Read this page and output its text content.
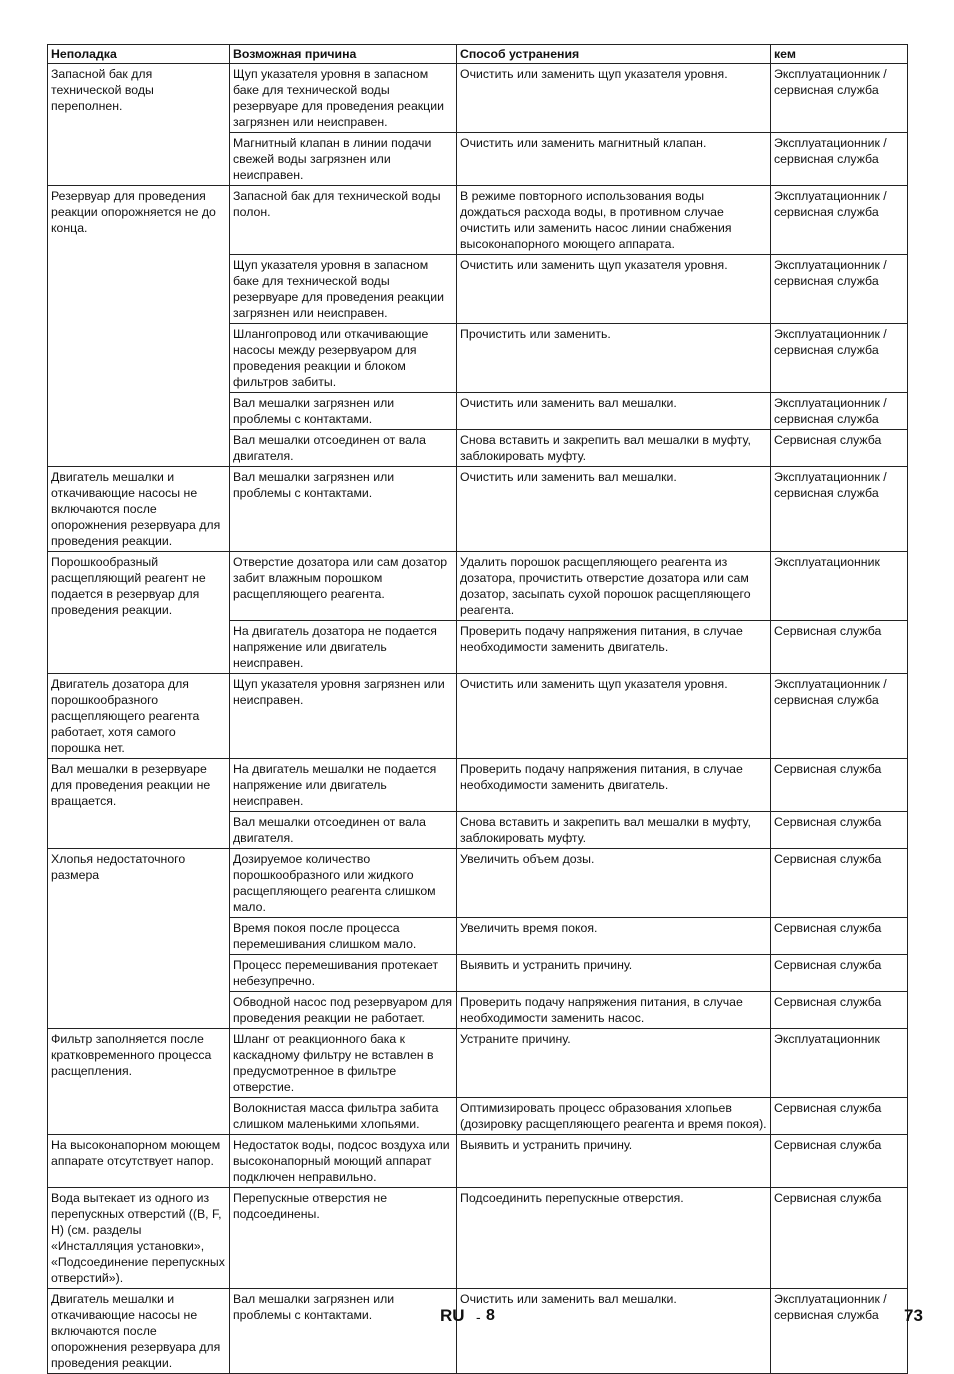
Неполадка	Возможная причина	Способ устранения	кем
Запасной бак для технической воды переполнен.	Щуп указателя уровня в запасном баке для технической воды резервуаре для проведения реакции загрязнен или неисправен.	Очистить или заменить щуп указателя уровня.	Эксплуатационник / сервисная служба
	Магнитный клапан в линии подачи свежей воды загрязнен или неисправен.	Очистить или заменить магнитный клапан.	Эксплуатационник / сервисная служба
Резервуар для проведения реакции опорожняется не до конца.	Запасной бак для технической воды полон.	В режиме повторного использования воды дождаться расхода воды, в противном случае очистить или заменить насос линии снабжения высоконапорного моющего аппарата.	Эксплуатационник / сервисная служба
	Щуп указателя уровня в запасном баке для технической воды резервуаре для проведения реакции загрязнен или неисправен.	Очистить или заменить щуп указателя уровня.	Эксплуатационник / сервисная служба
	Шлангопровод или откачивающие насосы между резервуаром для проведения реакции и блоком фильтров забиты.	Прочистить или заменить.	Эксплуатационник / сервисная служба
	Вал мешалки загрязнен или проблемы с контактами.	Очистить или заменить вал мешалки.	Эксплуатационник / сервисная служба
	Вал мешалки отсоединен от вала двигателя.	Снова вставить и закрепить вал мешалки в муфту, заблокировать муфту.	Сервисная служба
Двигатель мешалки и откачивающие насосы не включаются после опорожнения резервуара для проведения реакции.	Вал мешалки загрязнен или проблемы с контактами.	Очистить или заменить вал мешалки.	Эксплуатационник / сервисная служба
Порошкообразный расщепляющий реагент не подается в резервуар для проведения реакции.	Отверстие дозатора или сам дозатор забит влажным порошком расщепляющего реагента.	Удалить порошок расщепляющего реагента из дозатора, прочистить отверстие дозатора или сам дозатор, засыпать сухой порошок расщепляющего реагента.	Эксплуатационник
	На двигатель дозатора не подается напряжение или двигатель неисправен.	Проверить подачу напряжения питания, в случае необходимости заменить двигатель.	Сервисная служба
Двигатель дозатора для порошкообразного расщепляющего реагента работает, хотя самого порошка нет.	Щуп указателя уровня загрязнен или неисправен.	Очистить или заменить щуп указателя уровня.	Эксплуатационник / сервисная служба
Вал мешалки в резервуаре для проведения реакции не вращается.	На двигатель мешалки не подается напряжение или двигатель неисправен.	Проверить подачу напряжения питания, в случае необходимости заменить двигатель.	Сервисная служба
	Вал мешалки отсоединен от вала двигателя.	Снова вставить и закрепить вал мешалки в муфту, заблокировать муфту.	Сервисная служба
Хлопья недостаточного размера	Дозируемое количество порошкообразного или жидкого расщепляющего реагента слишком мало.	Увеличить объем дозы.	Сервисная служба
	Время покоя после процесса перемешивания слишком мало.	Увеличить время покоя.	Сервисная служба
	Процесс перемешивания протекает небезупречно.	Выявить и устранить причину.	Сервисная служба
	Обводной насос под резервуаром для проведения реакции не работает.	Проверить подачу напряжения питания, в случае необходимости заменить насос.	Сервисная служба
Фильтр заполняется после кратковременного процесса расщепления.	Шланг от реакционного бака к каскадному фильтру не вставлен в предусмотренное в фильтре отверстие.	Устраните причину.	Эксплуатационник
	Волокнистая масса фильтра забита слишком маленькими хлопьями.	Оптимизировать процесс образования хлопьев (дозировку расщепляющего реагента и время покоя).	Сервисная служба
На высоконапорном моющем аппарате отсутствует напор.	Недостаток воды, подсос воздуха или высоконапорный моющий аппарат подключен неправильно.	Выявить и устранить причину.	Сервисная служба
Вода вытекает из одного из перепускных отверстий ((B, F, H) (см. разделы «Инсталляция установки», «Подсоединение перепускных отверстий»).	Перепускные отверстия не подсоединены.	Подсоединить перепускные отверстия.	Сервисная служба
Двигатель мешалки и откачивающие насосы не включаются после опорожнения резервуара для проведения реакции.	Вал мешалки загрязнен или проблемы с контактами.	Очистить или заменить вал мешалки.	Эксплуатационник / сервисная служба
RU - 8	73
